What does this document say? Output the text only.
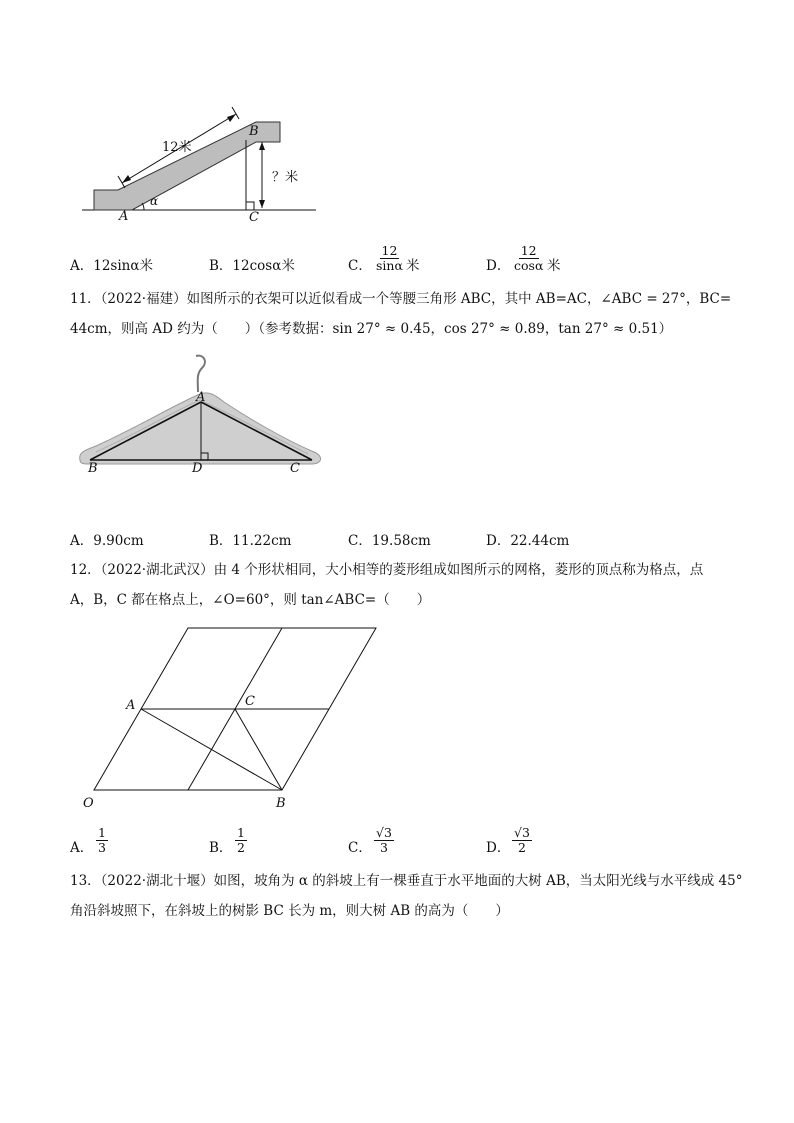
12米
？米
A
B
C
α
A．12sinα米	B．12cosα米	C． $\frac{12}{\sin\alpha}$ 米	D． $\frac{12}{\cos\alpha}$ 米
11．（2022·福建）如图所示的衣架可以近似看成一个等腰三角形 ABC，其中 AB=AC，∠ABC = 27°，BC=
44cm，则高 AD 约为（　　）（参考数据：sin 27° ≈ 0.45，cos 27° ≈ 0.89，tan 27° ≈ 0.51）
A
B	D	C
A．9.90cm	B．11.22cm	C．19.58cm	D．22.44cm
12．（2022·湖北武汉）由 4 个形状相同，大小相等的菱形组成如图所示的网格，菱形的顶点称为格点，点
A，B，C 都在格点上，∠O=60°，则 tan∠ABC=（　　）
A	C
O	B
A． $\frac{1}{3}$	B． $\frac{1}{2}$	C． $\frac{√3}{3}$	D． $\frac{√3}{2}$
13．（2022·湖北十堰）如图，坡角为 α 的斜坡上有一棵垂直于水平地面的大树 AB，当太阳光线与水平线成 45°
角沿斜坡照下，在斜坡上的树影 BC 长为 m，则大树 AB 的高为（　　）
